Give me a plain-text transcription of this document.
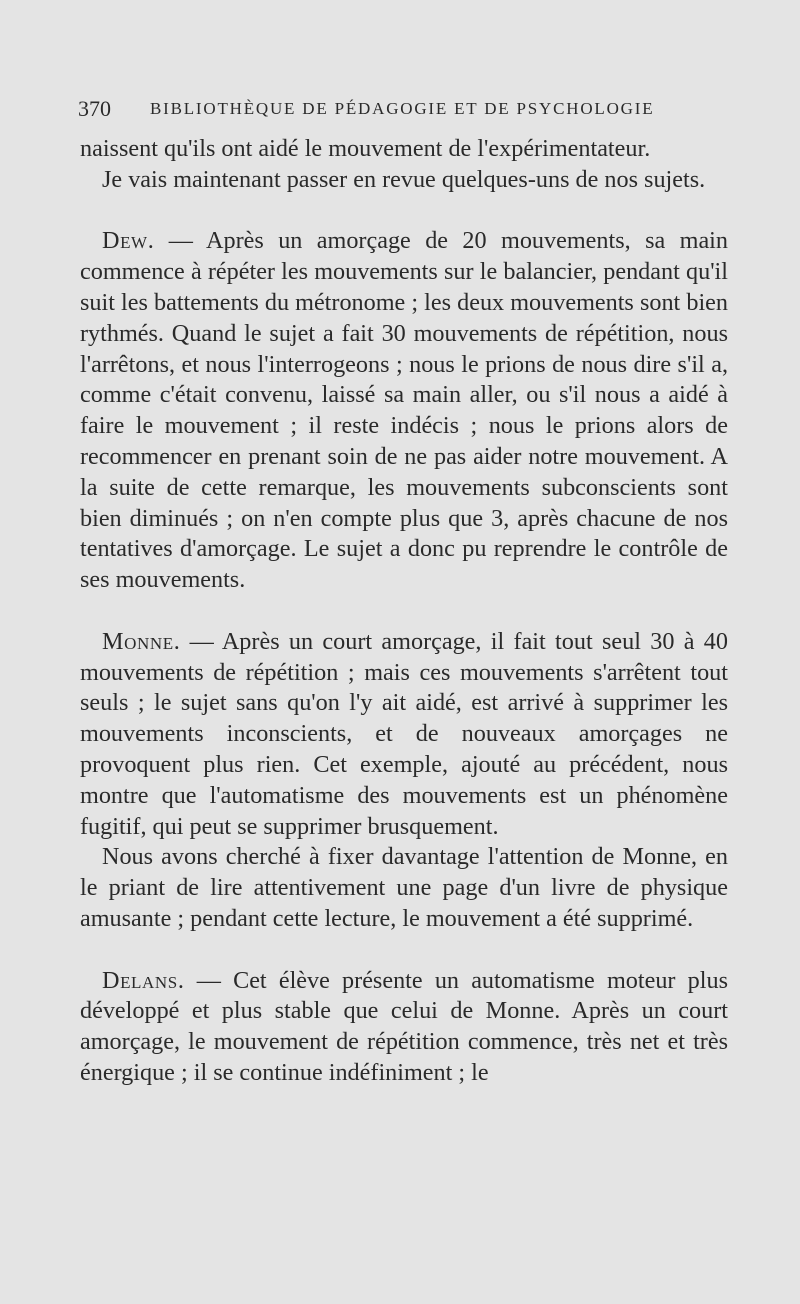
370 BIBLIOTHÈQUE DE PÉDAGOGIE ET DE PSYCHOLOGIE

naissent qu'ils ont aidé le mouvement de l'expérimentateur.

Je vais maintenant passer en revue quelques-uns de nos sujets.

Dew. — Après un amorçage de 20 mouvements, sa main commence à répéter les mouvements sur le balancier, pendant qu'il suit les battements du métronome ; les deux mouvements sont bien rythmés. Quand le sujet a fait 30 mouvements de répétition, nous l'arrêtons, et nous l'interrogeons ; nous le prions de nous dire s'il a, comme c'était convenu, laissé sa main aller, ou s'il nous a aidé à faire le mouvement ; il reste indécis ; nous le prions alors de recommencer en prenant soin de ne pas aider notre mouvement. A la suite de cette remarque, les mouvements subconscients sont bien diminués ; on n'en compte plus que 3, après chacune de nos tentatives d'amorçage. Le sujet a donc pu reprendre le contrôle de ses mouvements.

Monne. — Après un court amorçage, il fait tout seul 30 à 40 mouvements de répétition ; mais ces mouvements s'arrêtent tout seuls ; le sujet sans qu'on l'y ait aidé, est arrivé à supprimer les mouvements inconscients, et de nouveaux amorçages ne provoquent plus rien. Cet exemple, ajouté au précédent, nous montre que l'automatisme des mouvements est un phénomène fugitif, qui peut se supprimer brusquement.

Nous avons cherché à fixer davantage l'attention de Monne, en le priant de lire attentivement une page d'un livre de physique amusante ; pendant cette lecture, le mouvement a été supprimé.

Delans. — Cet élève présente un automatisme moteur plus développé et plus stable que celui de Monne. Après un court amorçage, le mouvement de répétition commence, très net et très énergique ; il se continue indéfiniment ; le
